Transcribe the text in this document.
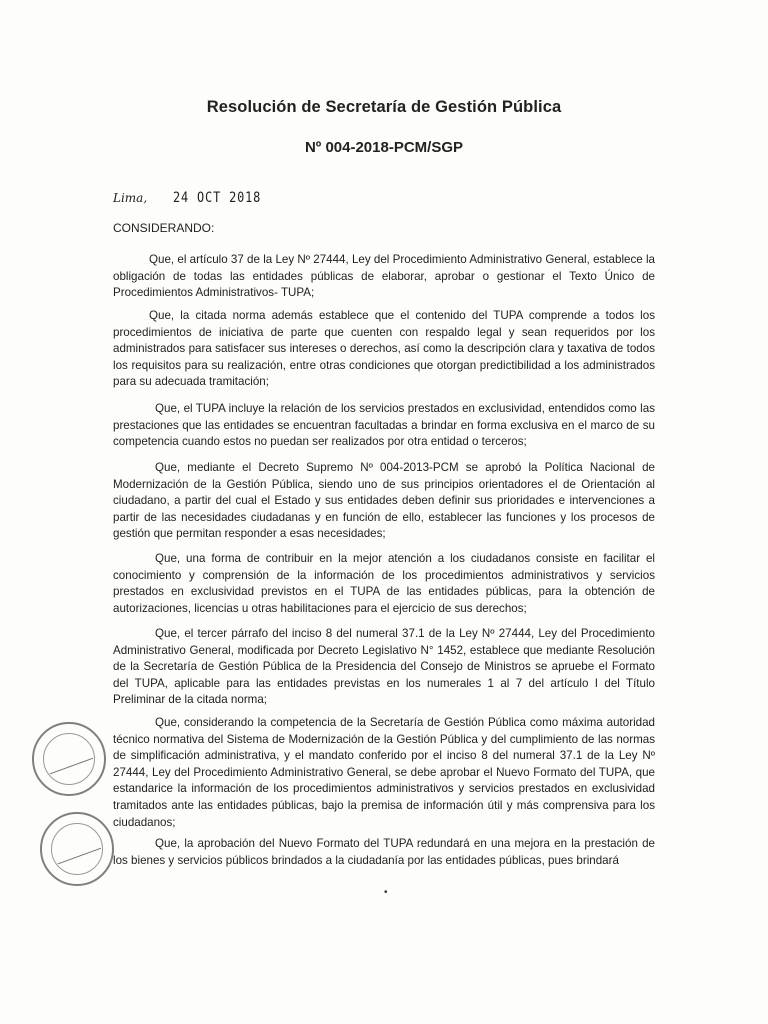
Resolución de Secretaría de Gestión Pública
Nº 004-2018-PCM/SGP
Lima, 24 OCT 2018
CONSIDERANDO:
Que, el artículo 37 de la Ley Nº 27444, Ley del Procedimiento Administrativo General, establece la obligación de todas las entidades públicas de elaborar, aprobar o gestionar el Texto Único de Procedimientos Administrativos- TUPA;
Que, la citada norma además establece que el contenido del TUPA comprende a todos los procedimientos de iniciativa de parte que cuenten con respaldo legal y sean requeridos por los administrados para satisfacer sus intereses o derechos, así como la descripción clara y taxativa de todos los requisitos para su realización, entre otras condiciones que otorgan predictibilidad a los administrados para su adecuada tramitación;
Que, el TUPA incluye la relación de los servicios prestados en exclusividad, entendidos como las prestaciones que las entidades se encuentran facultadas a brindar en forma exclusiva en el marco de su competencia cuando estos no puedan ser realizados por otra entidad o terceros;
Que, mediante el Decreto Supremo Nº 004-2013-PCM se aprobó la Política Nacional de Modernización de la Gestión Pública, siendo uno de sus principios orientadores el de Orientación al ciudadano, a partir del cual el Estado y sus entidades deben definir sus prioridades e intervenciones a partir de las necesidades ciudadanas y en función de ello, establecer las funciones y los procesos de gestión que permitan responder a esas necesidades;
Que, una forma de contribuir en la mejor atención a los ciudadanos consiste en facilitar el conocimiento y comprensión de la información de los procedimientos administrativos y servicios prestados en exclusividad previstos en el TUPA de las entidades públicas, para la obtención de autorizaciones, licencias u otras habilitaciones para el ejercicio de sus derechos;
Que, el tercer párrafo del inciso 8 del numeral 37.1 de la Ley Nº 27444, Ley del Procedimiento Administrativo General, modificada por Decreto Legislativo N° 1452, establece que mediante Resolución de la Secretaría de Gestión Pública de la Presidencia del Consejo de Ministros se apruebe el Formato del TUPA, aplicable para las entidades previstas en los numerales 1 al 7 del artículo I del Título Preliminar de la citada norma;
Que, considerando la competencia de la Secretaría de Gestión Pública como máxima autoridad técnico normativa del Sistema de Modernización de la Gestión Pública y del cumplimiento de las normas de simplificación administrativa, y el mandato conferido por el inciso 8 del numeral 37.1 de la Ley Nº 27444, Ley del Procedimiento Administrativo General, se debe aprobar el Nuevo Formato del TUPA, que estandarice la información de los procedimientos administrativos y servicios prestados en exclusividad tramitados ante las entidades públicas, bajo la premisa de información útil y más comprensiva para los ciudadanos;
Que, la aprobación del Nuevo Formato del TUPA redundará en una mejora en la prestación de los bienes y servicios públicos brindados a la ciudadanía por las entidades públicas, pues brindará
•
